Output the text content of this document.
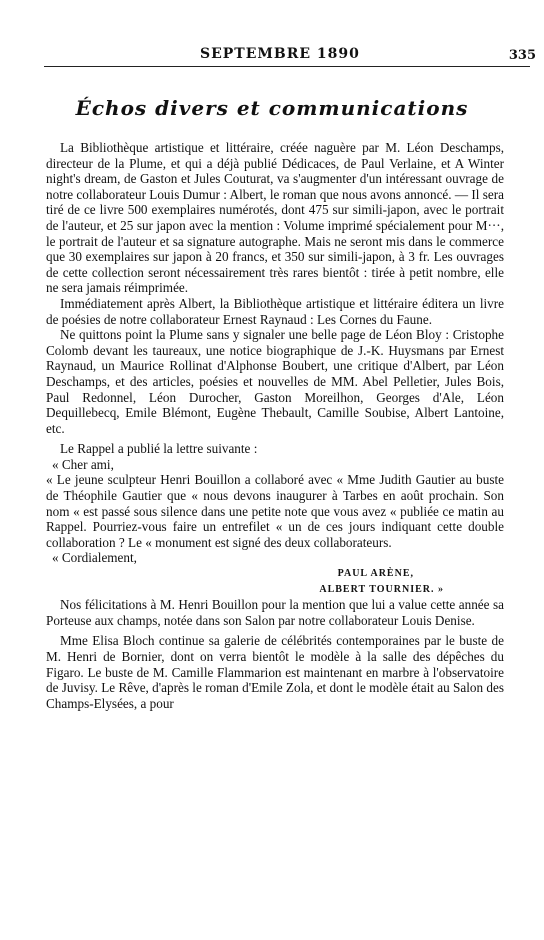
SEPTEMBRE 1890	335
Échos divers et communications

La Bibliothèque artistique et littéraire, créée naguère par M. Léon Deschamps, directeur de la Plume, et qui a déjà publié Dédicaces, de Paul Verlaine, et A Winter night's dream, de Gaston et Jules Couturat, va s'augmenter d'un intéressant ouvrage de notre collaborateur Louis Dumur : Albert, le roman que nous avons annoncé. — Il sera tiré de ce livre 500 exemplaires numérotés, dont 475 sur simili-japon, avec le portrait de l'auteur, et 25 sur japon avec la mention : Volume imprimé spécialement pour M···, le portrait de l'auteur et sa signature autographe. Mais ne seront mis dans le commerce que 30 exemplaires sur japon à 20 francs, et 350 sur simili-japon, à 3 fr. Les ouvrages de cette collection seront nécessairement très rares bientôt : tirée à petit nombre, elle ne sera jamais réimprimée.

Immédiatement après Albert, la Bibliothèque artistique et littéraire éditera un livre de poésies de notre collaborateur Ernest Raynaud : Les Cornes du Faune.

Ne quittons point la Plume sans y signaler une belle page de Léon Bloy : Cristophe Colomb devant les taureaux, une notice biographique de J.-K. Huysmans par Ernest Raynaud, un Maurice Rollinat d'Alphonse Boubert, une critique d'Albert, par Léon Deschamps, et des articles, poésies et nouvelles de MM. Abel Pelletier, Jules Bois, Paul Redonnel, Léon Durocher, Gaston Moreilhon, Georges d'Ale, Léon Dequillebecq, Emile Blémont, Eugène Thebault, Camille Soubise, Albert Lantoine, etc.

Le Rappel a publié la lettre suivante :

« Cher ami,

« Le jeune sculpteur Henri Bouillon a collaboré avec « Mme Judith Gautier au buste de Théophile Gautier que « nous devons inaugurer à Tarbes en août prochain. Son nom « est passé sous silence dans une petite note que vous avez « publiée ce matin au Rappel. Pourriez-vous faire un entrefilet « un de ces jours indiquant cette double collaboration ? Le « monument est signé des deux collaborateurs.

« Cordialement,

PAUL ARÈNE,

ALBERT TOURNIER. »

Nos félicitations à M. Henri Bouillon pour la mention que lui a value cette année sa Porteuse aux champs, notée dans son Salon par notre collaborateur Louis Denise.

Mme Elisa Bloch continue sa galerie de célébrités contemporaines par le buste de M. Henri de Bornier, dont on verra bientôt le modèle à la salle des dépêches du Figaro. Le buste de M. Camille Flammarion est maintenant en marbre à l'observatoire de Juvisy. Le Rêve, d'après le roman d'Emile Zola, et dont le modèle était au Salon des Champs-Elysées, a pour
